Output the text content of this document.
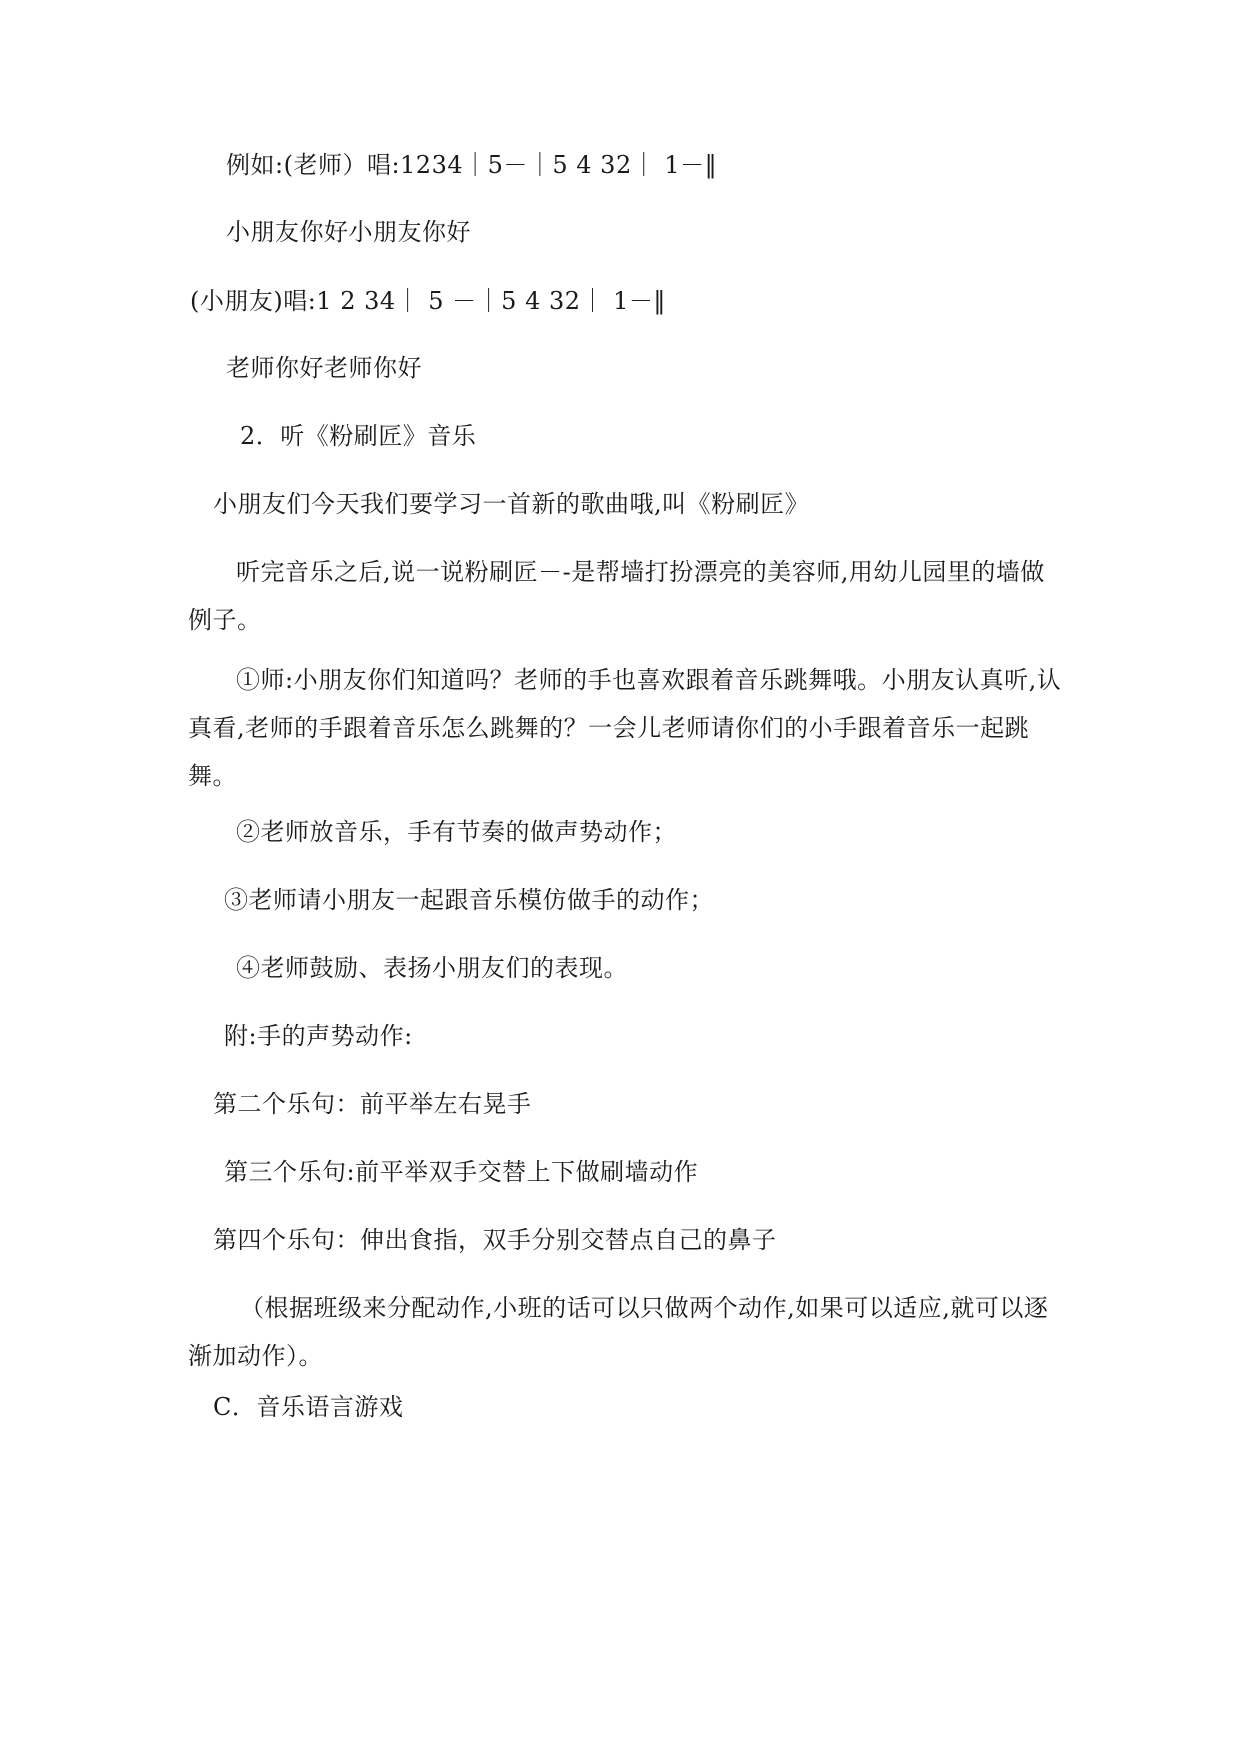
例如:(老师）唱:1234｜5－｜5 4 32｜ 1－‖
小朋友你好小朋友你好
(小朋友)唱:1 2 34｜ 5 －｜5 4 32｜ 1－‖
老师你好老师你好
2．听《粉刷匠》音乐
小朋友们今天我们要学习一首新的歌曲哦,叫《粉刷匠》

听完音乐之后,说一说粉刷匠－-是帮墙打扮漂亮的美容师,用幼儿园里的墙做例子。

①师:小朋友你们知道吗？老师的手也喜欢跟着音乐跳舞哦。小朋友认真听,认真看,老师的手跟着音乐怎么跳舞的？一会儿老师请你们的小手跟着音乐一起跳舞。

②老师放音乐，手有节奏的做声势动作；
③老师请小朋友一起跟音乐模仿做手的动作；
④老师鼓励、表扬小朋友们的表现。
附:手的声势动作:
第二个乐句：前平举左右晃手
第三个乐句:前平举双手交替上下做刷墙动作
第四个乐句：伸出食指，双手分别交替点自己的鼻子

（根据班级来分配动作,小班的话可以只做两个动作,如果可以适应,就可以逐渐加动作）。

C．音乐语言游戏
